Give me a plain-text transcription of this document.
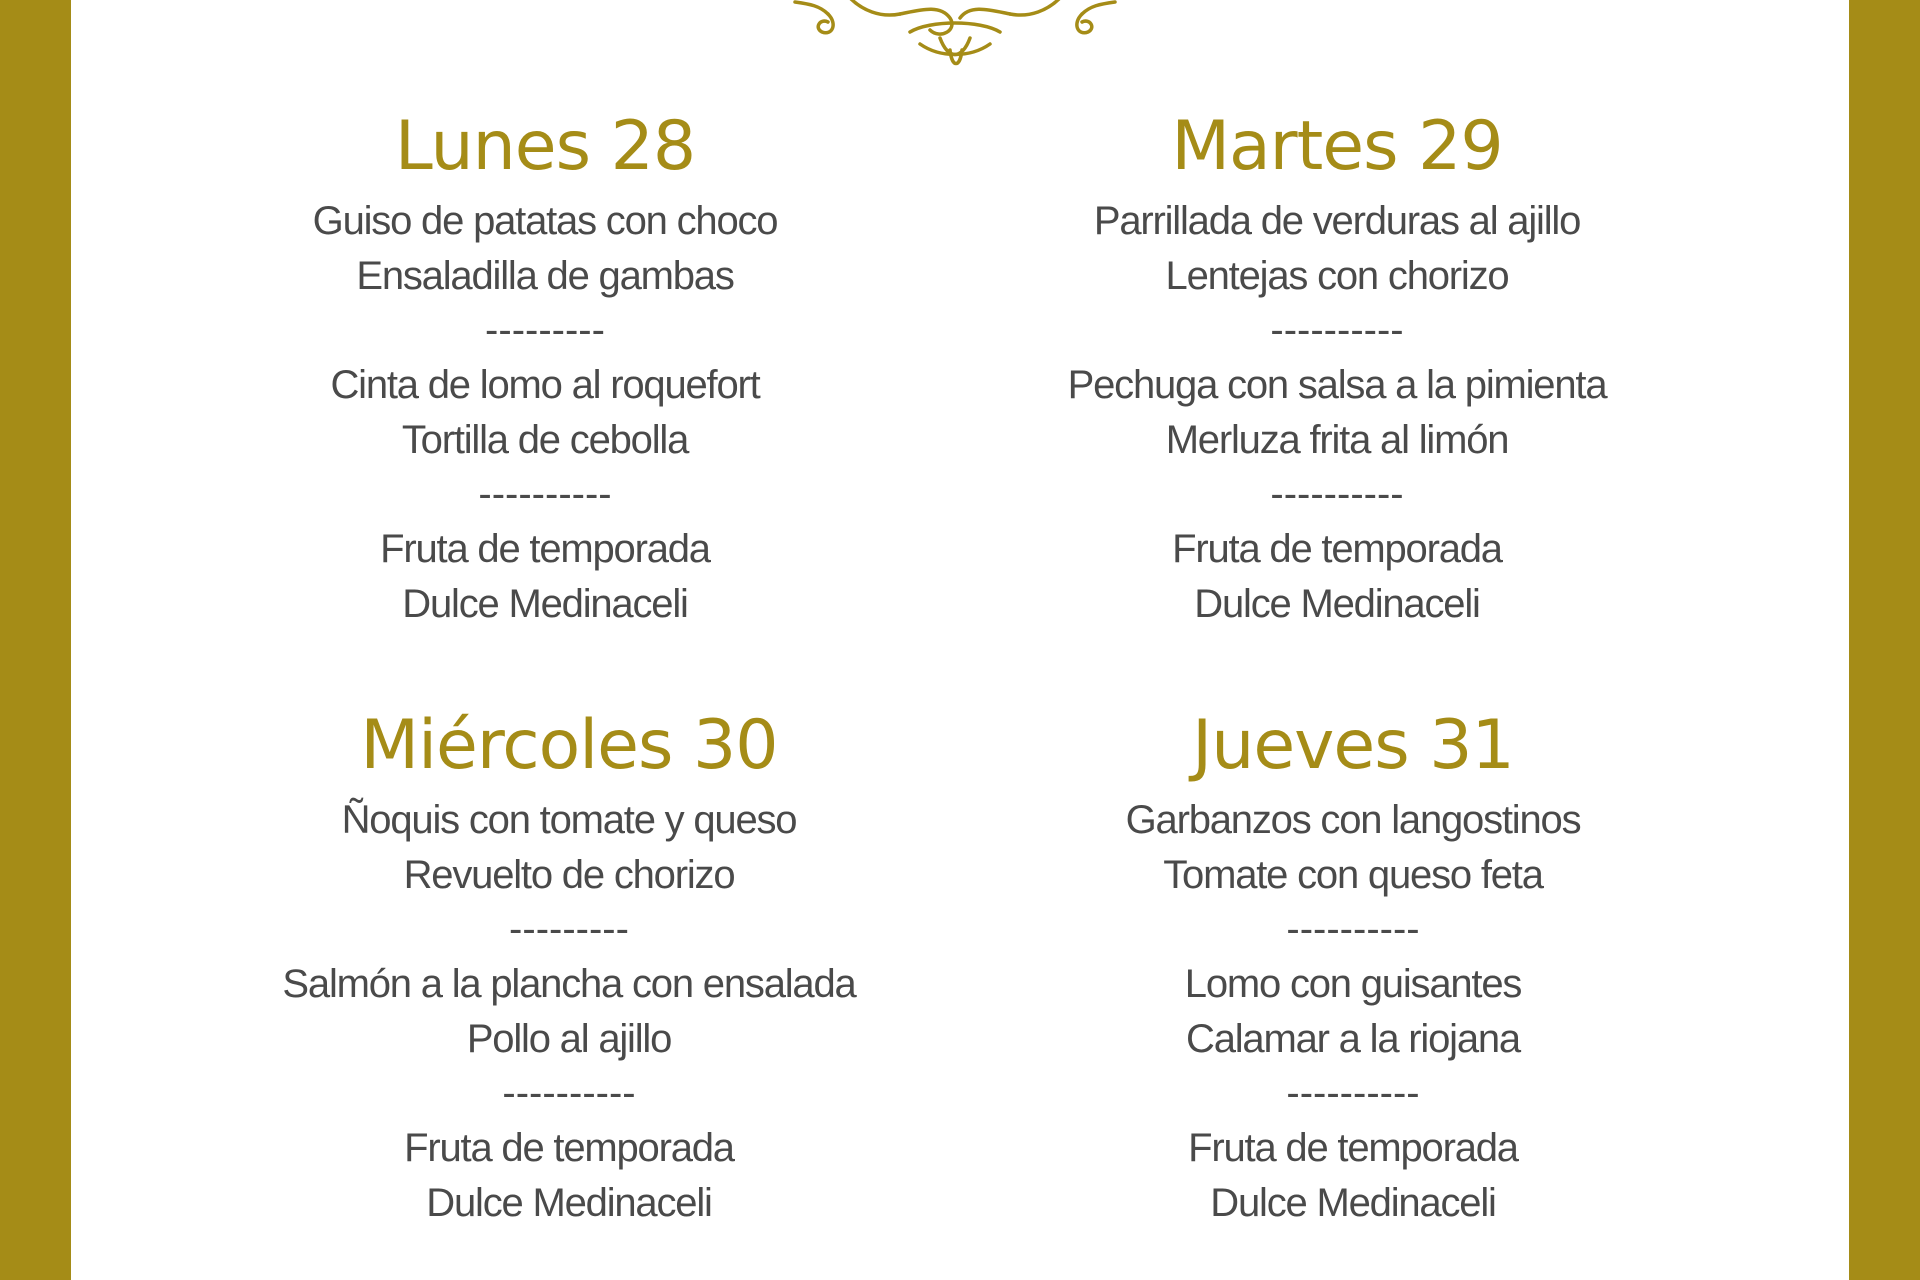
Lunes 28
Guiso de patatas con choco
Ensaladilla de gambas
---------
Cinta de lomo al roquefort
Tortilla de cebolla
----------
Fruta de temporada
Dulce Medinaceli
Martes 29
Parrillada de verduras al ajillo
Lentejas con chorizo
----------
Pechuga con salsa a la pimienta
Merluza frita al limón
----------
Fruta de temporada
Dulce Medinaceli
Miércoles 30
Ñoquis con tomate y queso
Revuelto de chorizo
---------
Salmón a la plancha con ensalada
Pollo al ajillo
----------
Fruta de temporada
Dulce Medinaceli
Jueves 31
Garbanzos con langostinos
Tomate con queso feta
----------
Lomo con guisantes
Calamar a la riojana
----------
Fruta de temporada
Dulce Medinaceli
